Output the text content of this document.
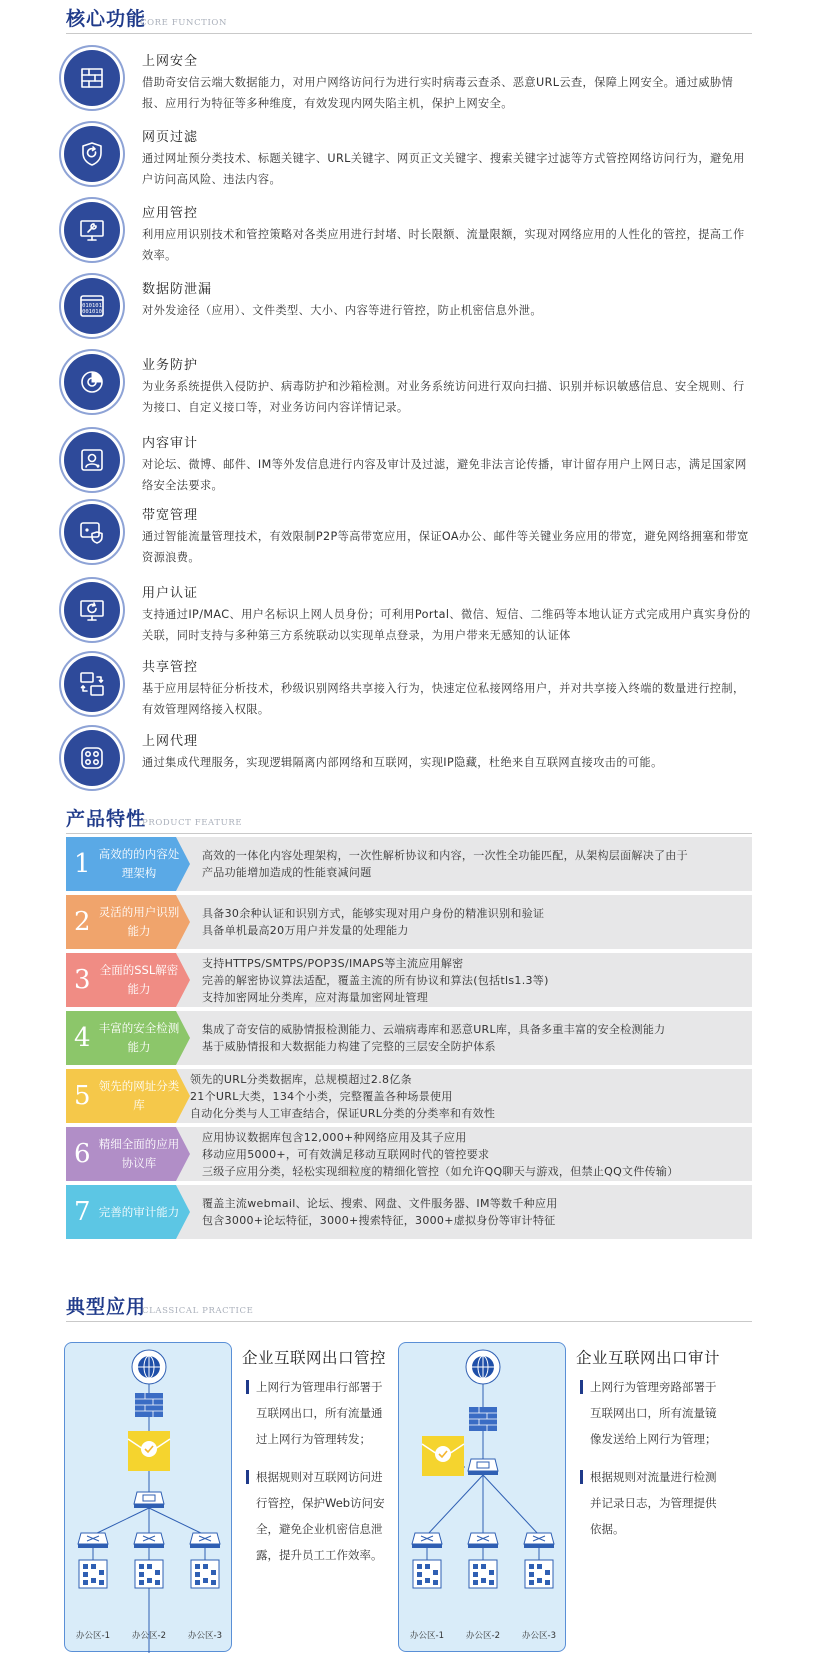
核心功能
CORE FUNCTION
上网安全
借助奇安信云端大数据能力，对用户网络访问行为进行实时病毒云查杀、恶意URL云查，保障上网安全。通过威胁情报、应用行为特征等多种维度，有效发现内网失陷主机，保护上网安全。
网页过滤
通过网址预分类技术、标题关键字、URL关键字、网页正文关键字、搜索关键字过滤等方式管控网络访问行为，避免用户访问高风险、违法内容。
应用管控
利用应用识别技术和管控策略对各类应用进行封堵、时长限额、流量限额，实现对网络应用的人性化的管控，提高工作效率。
010101
001010
数据防泄漏
对外发途径（应用）、文件类型、大小、内容等进行管控，防止机密信息外泄。
业务防护
为业务系统提供入侵防护、病毒防护和沙箱检测。对业务系统访问进行双向扫描、识别并标识敏感信息、安全规则、行为接口、自定义接口等，对业务访问内容详情记录。
内容审计
对论坛、微博、邮件、IM等外发信息进行内容及审计及过滤，避免非法言论传播，审计留存用户上网日志，满足国家网络安全法要求。
带宽管理
通过智能流量管理技术，有效限制P2P等高带宽应用，保证OA办公、邮件等关键业务应用的带宽，避免网络拥塞和带宽资源浪费。
用户认证
支持通过IP/MAC、用户名标识上网人员身份；可利用Portal、微信、短信、二维码等本地认证方式完成用户真实身份的关联，同时支持与多种第三方系统联动以实现单点登录，为用户带来无感知的认证体
共享管控
基于应用层特征分析技术，秒级识别网络共享接入行为，快速定位私接网络用户，并对共享接入终端的数量进行控制，有效管理网络接入权限。
上网代理
通过集成代理服务，实现逻辑隔离内部网络和互联网，实现IP隐藏，杜绝来自互联网直接攻击的可能。
产品特性
PRODUCT FEATURE
1 高效的的内容处理架构
高效的一体化内容处理架构，一次性解析协议和内容，一次性全功能匹配，从架构层面解决了由于
产品功能增加造成的性能衰减问题
2 灵活的用户识别能力
具备30余种认证和识别方式，能够实现对用户身份的精准识别和验证
具备单机最高20万用户并发量的处理能力
3 全面的SSL解密能力
支持HTTPS/SMTPS/POP3S/IMAPS等主流应用解密
完善的解密协议算法适配，覆盖主流的所有协议和算法(包括tls1.3等)
支持加密网址分类库，应对海量加密网址管理
4 丰富的安全检测能力
集成了奇安信的威胁情报检测能力、云端病毒库和恶意URL库，具备多重丰富的安全检测能力
基于威胁情报和大数据能力构建了完整的三层安全防护体系
5 领先的网址分类库
领先的URL分类数据库，总规模超过2.8亿条
21个URL大类，134个小类，完整覆盖各种场景使用
自动化分类与人工审查结合，保证URL分类的分类率和有效性
6 精细全面的应用协议库
应用协议数据库包含12,000+种网络应用及其子应用
移动应用5000+，可有效满足移动互联网时代的管控要求
三级子应用分类，轻松实现细粒度的精细化管控（如允许QQ聊天与游戏，但禁止QQ文件传输）
7 完善的审计能力
覆盖主流webmail、论坛、搜索、网盘、文件服务器、IM等数千种应用
包含3000+论坛特征，3000+搜索特征，3000+虚拟身份等审计特征
典型应用
CLASSICAL PRACTICE
办公区-1	办公区-2	办公区-3
企业互联网出口管控
上网行为管理串行部署于
互联网出口，所有流量通
过上网行为管理转发；
根据规则对互联网访问进
行管控，保护Web访问安
全，避免企业机密信息泄
露，提升员工工作效率。
办公区-1	办公区-2	办公区-3
企业互联网出口审计
上网行为管理旁路部署于
互联网出口，所有流量镜
像发送给上网行为管理；
根据规则对流量进行检测
并记录日志，为管理提供
依据。
